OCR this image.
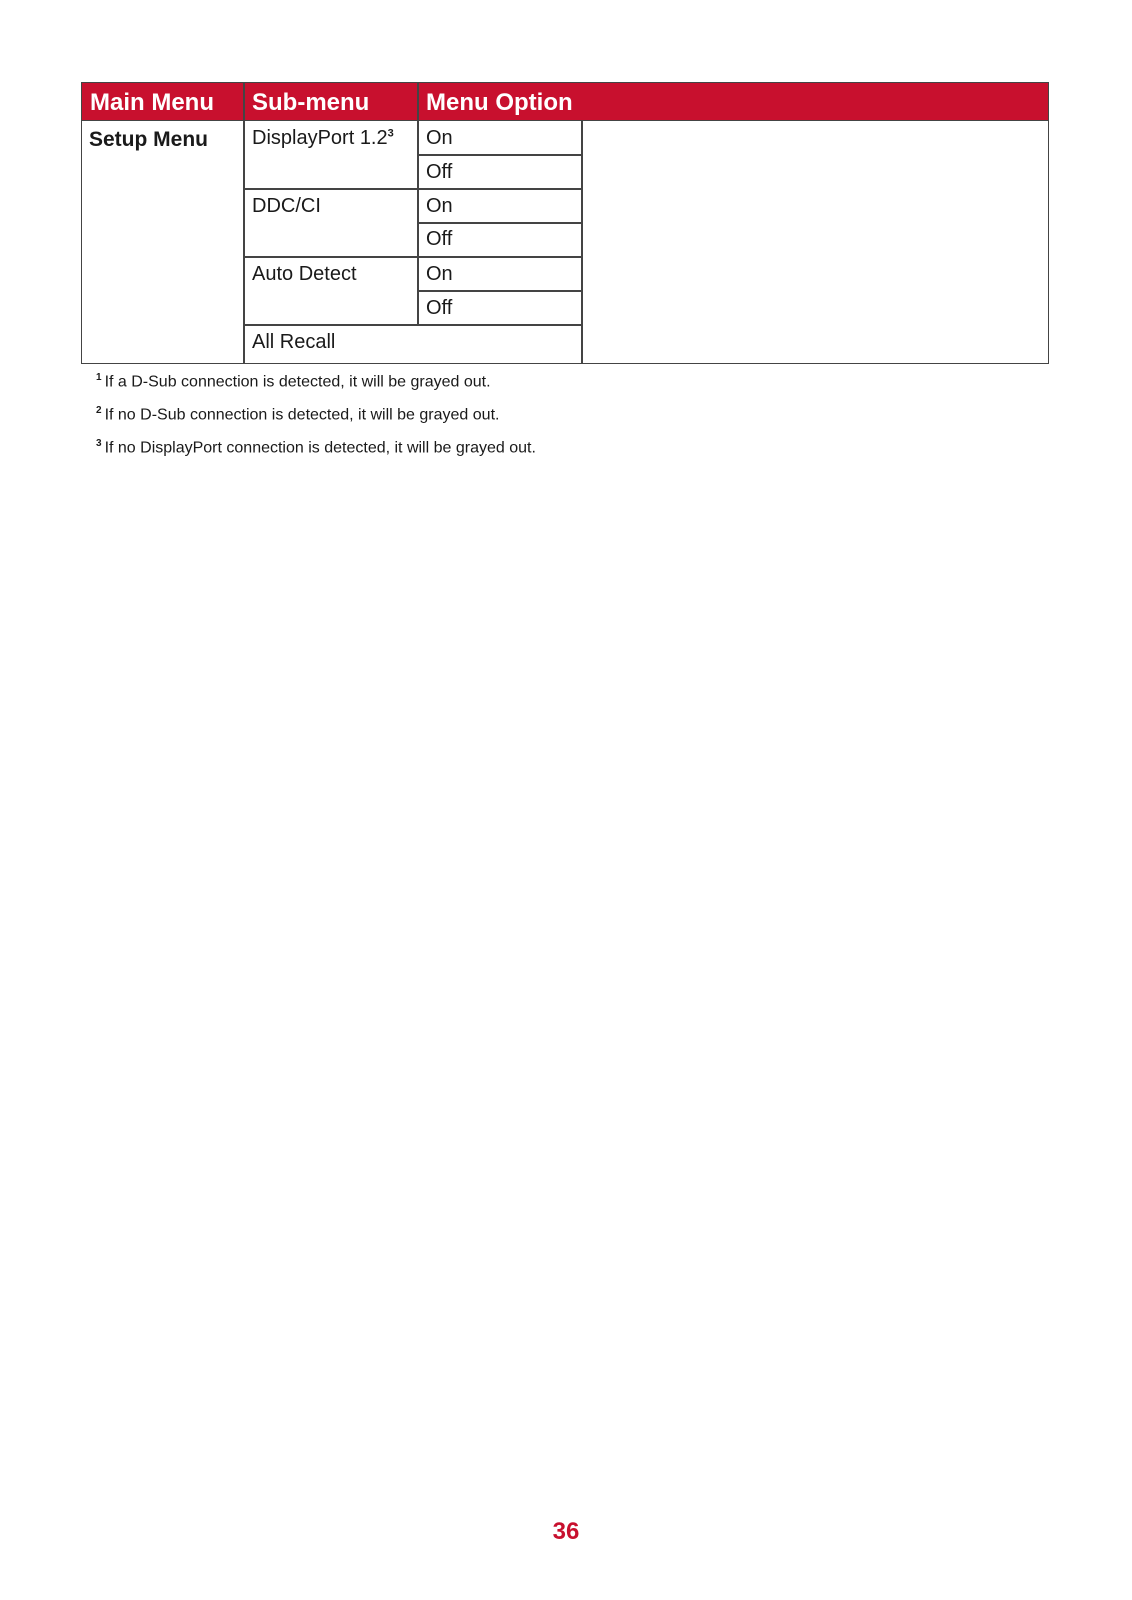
Main Menu	Sub-menu	Menu Option
Setup Menu DisplayPort $1.2^3$
DDC/CI
Auto Detect
All Recall
On
Off
On
Off
On
Off
$^1$ If a D-Sub connection is detected, it will be grayed out.
$^2$ If no D-Sub connection is detected, it will be grayed out.
$^3$ If no DisplayPort connection is detected, it will be grayed out.
36
